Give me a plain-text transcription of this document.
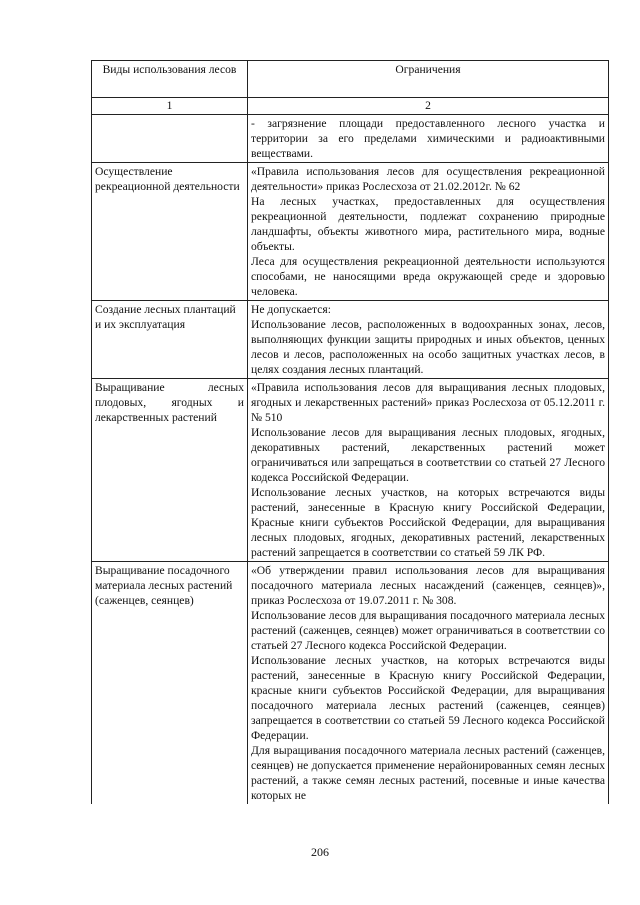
Виды использования лесов	Ограничения
1	2

	- загрязнение площади предоставленного лесного участка и территории за его пределами химическими и радиоактивными веществами.

Осуществление рекреационной деятельности	«Правила использования лесов для осуществления рекреационной деятельности» приказ Рослесхоза от 21.02.2012г. № 62

На лесных участках, предоставленных для осуществления рекреационной деятельности, подлежат сохранению природные ландшафты, объекты животного мира, растительного мира, водные объекты.

Леса для осуществления рекреационной деятельности используются способами, не наносящими вреда окружающей среде и здоровью человека.

Создание лесных плантаций и их эксплуатация	Не допускается:

Использование лесов, расположенных в водоохранных зонах, лесов, выполняющих функции защиты природных и иных объектов, ценных лесов и лесов, расположенных на особо защитных участках лесов, в целях создания лесных плантаций.

Выращивание лесных плодовых, ягодных и лекарственных растений	«Правила использования лесов для выращивания лесных плодовых, ягодных и лекарственных растений» приказ Рослесхоза от 05.12.2011 г. № 510

Использование лесов для выращивания лесных плодовых, ягодных, декоративных растений, лекарственных растений может ограничиваться или запрещаться в соответствии со статьей 27 Лесного кодекса Российской Федерации.

Использование лесных участков, на которых встречаются виды растений, занесенные в Красную книгу Российской Федерации, Красные книги субъектов Российской Федерации, для выращивания лесных плодовых, ягодных, декоративных растений, лекарственных растений запрещается в соответствии со статьей 59 ЛК РФ.

Выращивание посадочного материала лесных растений (саженцев, сеянцев)	«Об утверждении правил использования лесов для выращивания посадочного материала лесных насаждений (саженцев, сеянцев)», приказ Рослесхоза от 19.07.2011 г. № 308.

Использование лесов для выращивания посадочного материала лесных растений (саженцев, сеянцев) может ограничиваться в соответствии со статьей 27 Лесного кодекса Российской Федерации.

Использование лесных участков, на которых встречаются виды растений, занесенные в Красную книгу Российской Федерации, красные книги субъектов Российской Федерации, для выращивания посадочного материала лесных растений (саженцев, сеянцев) запрещается в соответствии со статьей 59 Лесного кодекса Российской Федерации.

Для выращивания посадочного материала лесных растений (саженцев, сеянцев) не допускается применение нерайонированных семян лесных растений, а также семян лесных растений, посевные и иные качества которых не

206
